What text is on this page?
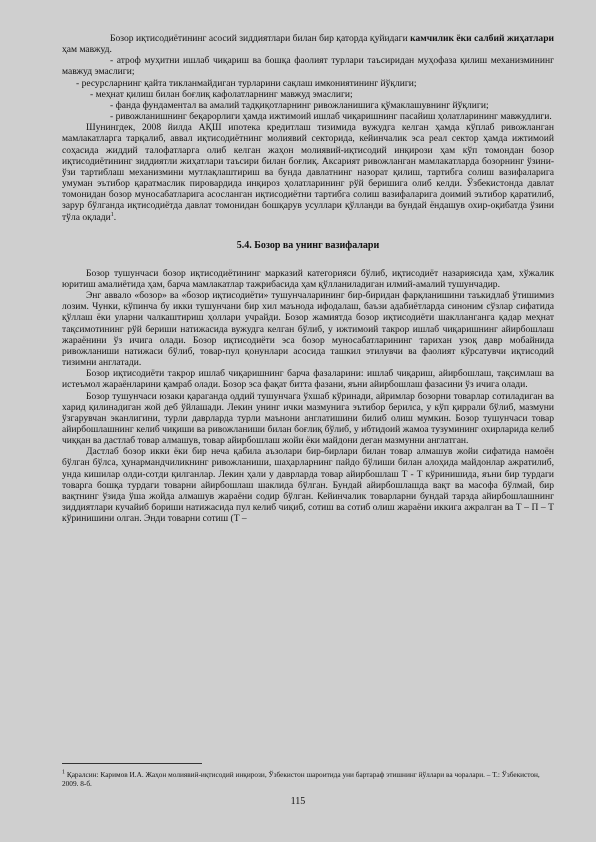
Бозор иқтисодиётининг асосий зиддиятлари билан бир қаторда қуйидаги камчилик ёки салбий жиҳатлари ҳам мавжуд.

- атроф муҳитни ишлаб чиқариш ва бошқа фаолият турлари таъсиридан муҳофаза қилиш механизмининг мавжуд эмаслиги;

- ресурсларнинг қайта тикланмайдиган турларини сақлаш имкониятининг йўқлиги;

- меҳнат қилиш билан боғлиқ кафолатларнинг мавжуд эмаслиги;

- фанда фундаментал ва амалий тадқиқотларнинг ривожланишига қўмаклашувнинг йўқлиги;

- ривожланишнинг беқарорлиги ҳамда ижтимоий ишлаб чиқаришнинг пасайиш ҳолатларининг мавжудлиги.

Шунингдек, 2008 йилда АҚШ ипотека кредитлаш тизимида вужудга келган ҳамда кўплаб ривожланган мамлакатларга тарқалиб, аввал иқтисодиётнинг молиявий секторида, кейинчалик эса реал сектор ҳамда ижтимоий соҳасида жиддий талофатларга олиб келган жаҳон молиявий-иқтисодий инқирози ҳам кўп томондан бозор иқтисодиётининг зиддиятли жиҳатлари таъсири билан боғлиқ. Аксарият ривожланган мамлакатларда бозорнинг ўзини-ўзи тартиблаш механизмини мутлақлаштириш ва бунда давлатнинг назорат қилиш, тартибга солиш вазифаларига умуман эътибор қаратмаслик пировардида инқироз ҳолатларининг рўй беришига олиб келди. Ўзбекистонда давлат томонидан бозор муносабатларига асосланган иқтисодиётни тартибга солиш вазифаларига доимий эътибор қаратилиб, зарур бўлганда иқтисодиётда давлат томонидан бошқарув усуллари қўлланди ва бундай ёндашув охир-оқибатда ўзини тўла оқлади$^1$.

5.4. Бозор ва унинг вазифалари

Бозор тушунчаси бозор иқтисодиётининг марказий категорияси бўлиб, иқтисодиёт назариясида ҳам, хўжалик юритиш амалиётида ҳам, барча мамлакатлар тажрибасида ҳам қўлланиладиган илмий-амалий тушунчадир.

Энг аввало «бозор» ва «бозор иқтисодиёти» тушунчаларининг бир-биридан фарқланишини таъкидлаб ўтишимиз лозим. Чунки, кўпинча бу икки тушунчани бир хил маънода ифодалаш, баъзи адабиётларда синоним сўзлар сифатида қўллаш ёки уларни чалкаштириш ҳоллари учрайди. Бозор жамиятда бозор иқтисодиёти шаклланганга қадар меҳнат тақсимотининг рўй бериши натижасида вужудга келган бўлиб, у ижтимоий такрор ишлаб чиқаришнинг айирбошлаш жараёнини ўз ичига олади. Бозор иқтисодиёти эса бозор муносабатларининг тарихан узоқ давр мобайнида ривожланиши натижаси бўлиб, товар-пул қонунлари асосида ташкил этилувчи ва фаолият кўрсатувчи иқтисодий тизимни англатади.

Бозор иқтисодиёти такрор ишлаб чиқаришнинг барча фазаларини: ишлаб чиқариш, айирбошлаш, тақсимлаш ва истеъмол жараёнларини қамраб олади. Бозор эса фақат битта фазани, яъни айирбошлаш фазасини ўз ичига олади.

Бозор тушунчаси юзаки қараганда оддий тушунчага ўхшаб кўринади, айримлар бозорни товарлар сотиладиган ва харид қилинадиган жой деб ўйлашади. Лекин унинг ички мазмунига эътибор берилса, у кўп қиррали бўлиб, мазмуни ўзгарувчан эканлигини, турли даврларда турли маънони англатишини билиб олиш мумкин. Бозор тушунчаси товар айирбошлашнинг келиб чиқиши ва ривожланиши билан боғлиқ бўлиб, у ибтидоий жамоа тузумининг охирларида келиб чиққан ва дастлаб товар алмашув, товар айирбошлаш жойи ёки майдони деган мазмунни англатган.

Дастлаб бозор икки ёки бир неча қабила аъзолари бир-бирлари билан товар алмашув жойи сифатида намоён бўлган бўлса, ҳунармандчиликнинг ривожланиши, шаҳарларнинг пайдо бўлиши билан алоҳида майдонлар ажратилиб, унда кишилар олди-сотди қилганлар. Лекин ҳали у даврларда товар айирбошлаш Т - Т кўринишида, яъни бир турдаги товарга бошқа турдаги товарни айирбошлаш шаклида бўлган. Бундай айирбошлашда вақт ва масофа бўлмай, бир вақтнинг ўзида ўша жойда алмашув жараёни содир бўлган. Кейинчалик товарларни бундай тарзда айирбошлашнинг зиддиятлари кучайиб бориши натижасида пул келиб чиқиб, сотиш ва сотиб олиш жараёни иккига ажралган ва Т – П – Т кўринишини олган. Энди товарни сотиш (Т –

$^1$ Қаралсин: Каримов И.А. Жаҳон молиявий-иқтисодий инқирози, Ўзбекистон шароитида уни бартараф этишнинг йўллари ва чоралари. – Т.: Ўзбекистон, 2009. 8-б.
115
